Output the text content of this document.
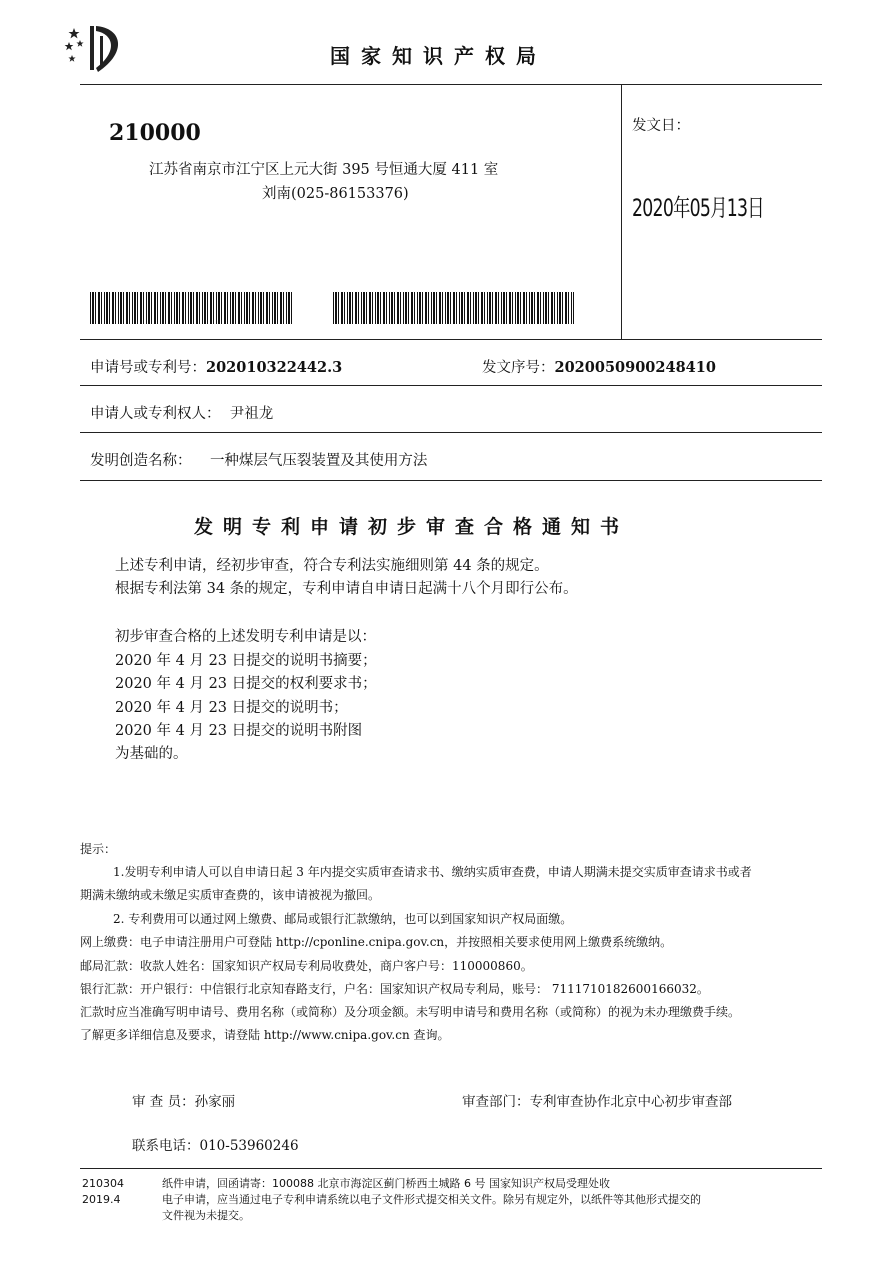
国家知识产权局
210000
江苏省南京市江宁区上元大街 395 号恒通大厦 411 室
刘南(025-86153376)
发文日：
2020年05月13日
申请号或专利号：202010322442.3	发文序号：2020050900248410
申请人或专利权人： 尹祖龙
发明创造名称： 一种煤层气压裂装置及其使用方法
发明专利申请初步审查合格通知书
上述专利申请，经初步审查，符合专利法实施细则第 44 条的规定。
根据专利法第 34 条的规定，专利申请自申请日起满十八个月即行公布。
初步审查合格的上述发明专利申请是以：
2020 年 4 月 23 日提交的说明书摘要；
2020 年 4 月 23 日提交的权利要求书；
2020 年 4 月 23 日提交的说明书；
2020 年 4 月 23 日提交的说明书附图
为基础的。
提示：
1.发明专利申请人可以自申请日起 3 年内提交实质审查请求书、缴纳实质审查费，申请人期满未提交实质审查请求书或者
期满未缴纳或未缴足实质审查费的，该申请被视为撤回。
2. 专利费用可以通过网上缴费、邮局或银行汇款缴纳，也可以到国家知识产权局面缴。
网上缴费：电子申请注册用户可登陆 http://cponline.cnipa.gov.cn，并按照相关要求使用网上缴费系统缴纳。
邮局汇款：收款人姓名：国家知识产权局专利局收费处，商户客户号：110000860。
银行汇款：开户银行：中信银行北京知春路支行，户名：国家知识产权局专利局，账号： 7111710182600166032。
汇款时应当准确写明申请号、费用名称（或简称）及分项金额。未写明申请号和费用名称（或简称）的视为未办理缴费手续。
了解更多详细信息及要求，请登陆 http://www.cnipa.gov.cn 查询。
审 查 员：孙家丽	审查部门：专利审查协作北京中心初步审查部
联系电话：010-53960246
210304
2019.4
纸件申请，回函请寄：100088 北京市海淀区蓟门桥西土城路 6 号 国家知识产权局受理处收
电子申请，应当通过电子专利申请系统以电子文件形式提交相关文件。除另有规定外，以纸件等其他形式提交的
文件视为未提交。
